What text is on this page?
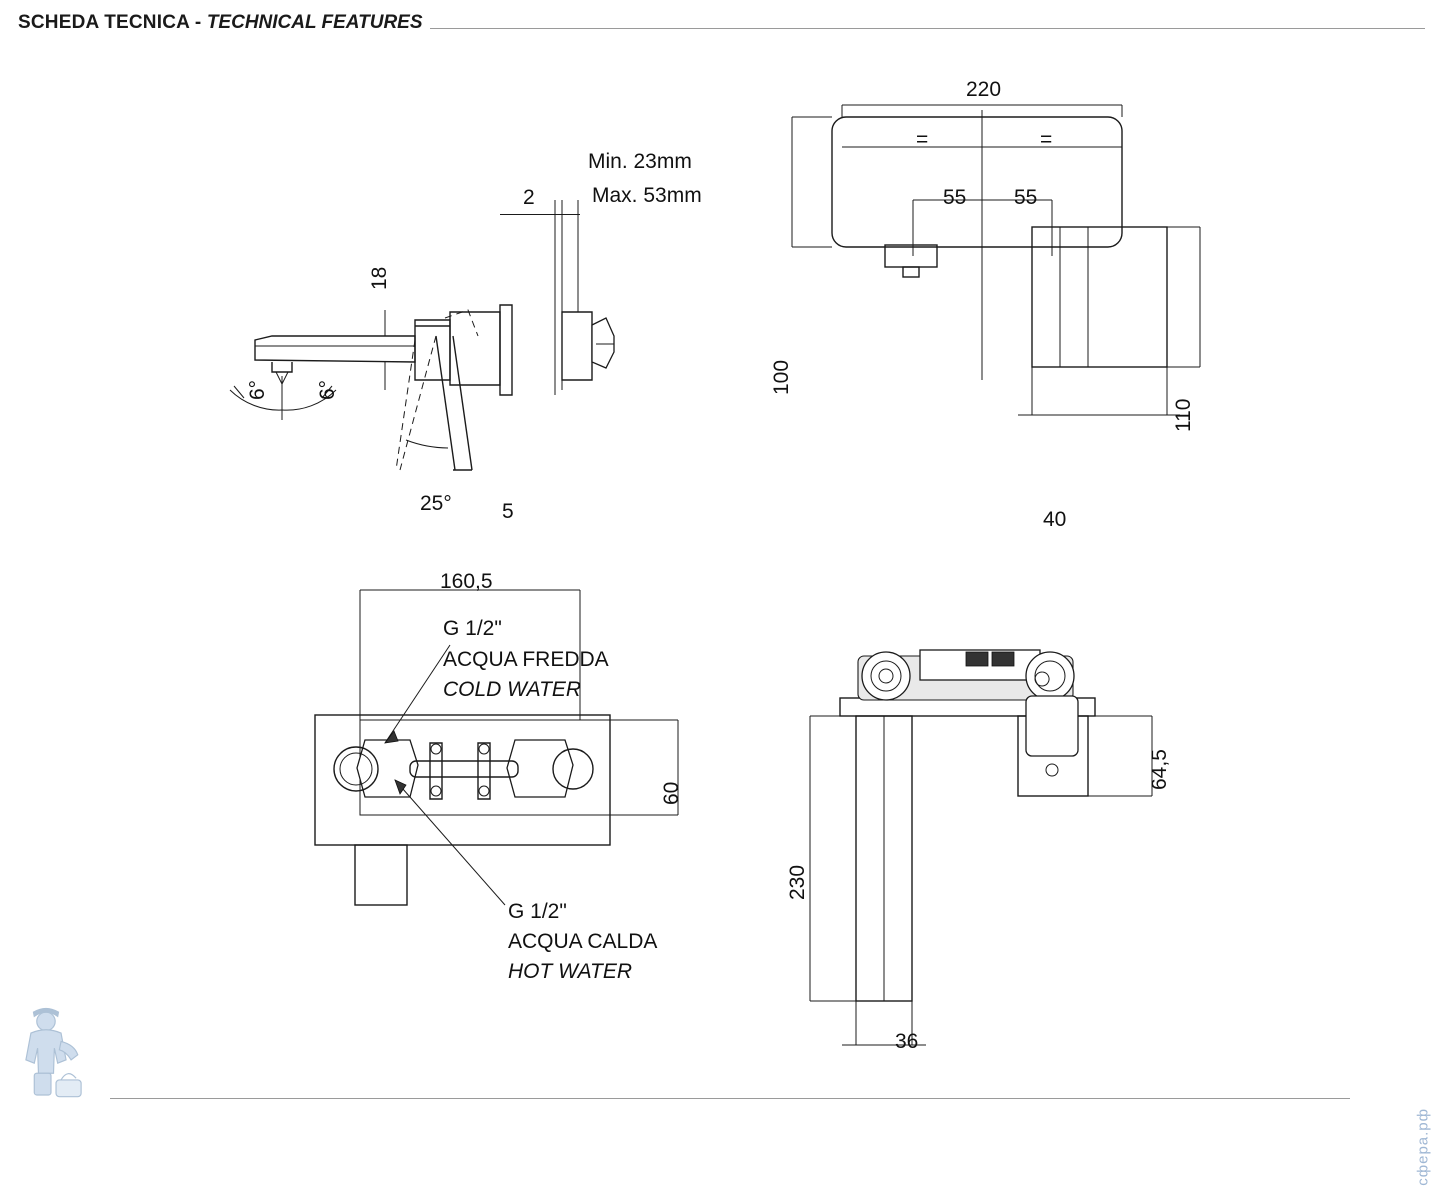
SCHEDA TECNICA - TECHNICAL FEATURES
Min. 23mm
Max. 53mm
2
18
6° 6°
25° 5
220
=	=
55 55
100
110
40
160,5
60
G 1/2"
ACQUA FREDDA
COLD WATER
G 1/2"
ACQUA CALDA
HOT WATER
230
64,5
36
сфера.рф
